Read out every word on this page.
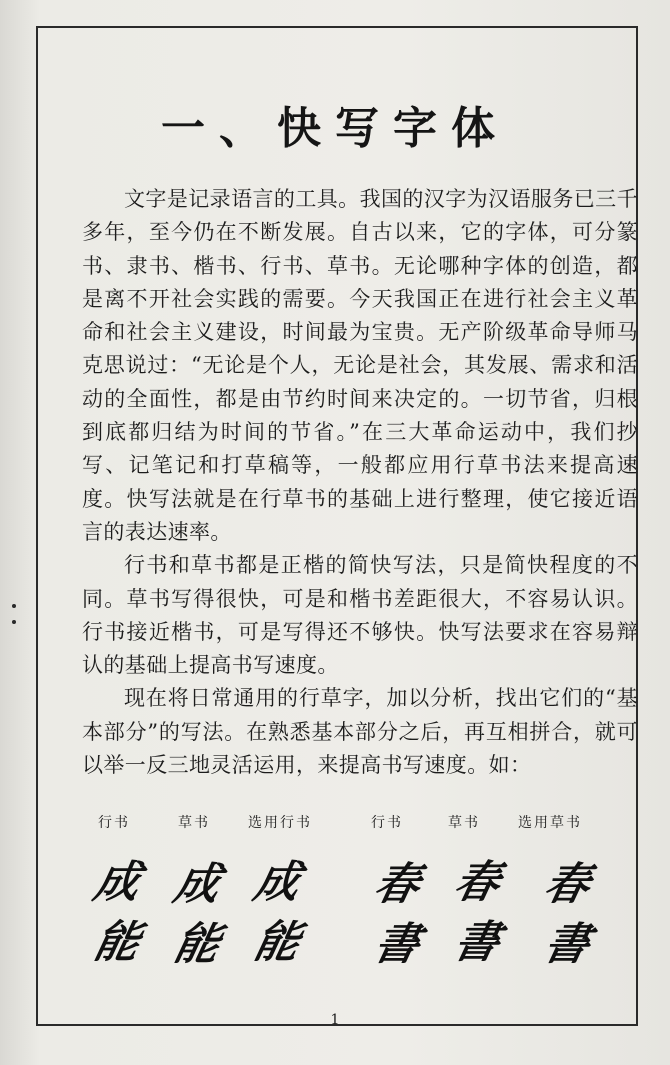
一、快写字体

文字是记录语言的工具。我国的汉字为汉语服务已三千多年，至今仍在不断发展。自古以来，它的字体，可分篆书、隶书、楷书、行书、草书。无论哪种字体的创造，都是离不开社会实践的需要。今天我国正在进行社会主义革命和社会主义建设，时间最为宝贵。无产阶级革命导师马克思说过：“无论是个人，无论是社会，其发展、需求和活动的全面性，都是由节约时间来决定的。一切节省，归根到底都归结为时间的节省。”在三大革命运动中，我们抄写、记笔记和打草稿等，一般都应用行草书法来提高速度。快写法就是在行草书的基础上进行整理，使它接近语言的表达速率。

行书和草书都是正楷的简快写法，只是简快程度的不同。草书写得很快，可是和楷书差距很大，不容易认识。行书接近楷书，可是写得还不够快。快写法要求在容易辩认的基础上提高书写速度。

现在将日常通用的行草字，加以分析，找出它们的“基本部分”的写法。在熟悉基本部分之后，再互相拼合，就可以举一反三地灵活运用，来提高书写速度。如：

行书	草书	选用行书	行书	草书	选用草书
成 成 成 春 春 春
能 能 能 書 書 書
1
